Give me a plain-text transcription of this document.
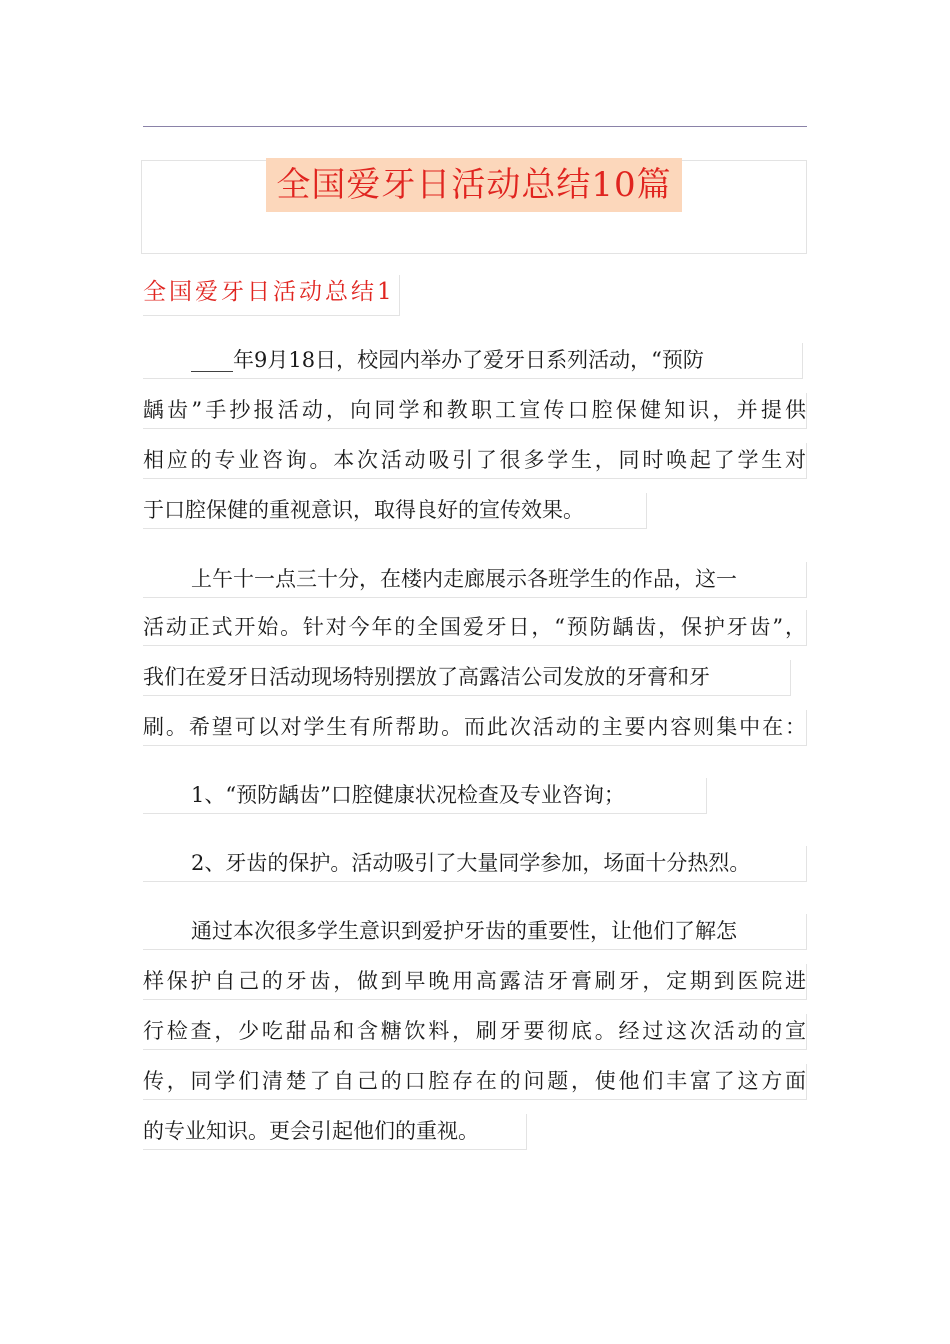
全国爱牙日活动总结10篇
全国爱牙日活动总结1
____年9月18日，校园内举办了爱牙日系列活动，“预防
龋齿”手抄报活动，向同学和教职工宣传口腔保健知识，并提供
相应的专业咨询。本次活动吸引了很多学生，同时唤起了学生对
于口腔保健的重视意识，取得良好的宣传效果。
上午十一点三十分，在楼内走廊展示各班学生的作品，这一
活动正式开始。针对今年的全国爱牙日，“预防龋齿，保护牙齿”，
我们在爱牙日活动现场特别摆放了高露洁公司发放的牙膏和牙
刷。希望可以对学生有所帮助。而此次活动的主要内容则集中在：
1、“预防龋齿”口腔健康状况检查及专业咨询；
2、牙齿的保护。活动吸引了大量同学参加，场面十分热烈。
通过本次很多学生意识到爱护牙齿的重要性，让他们了解怎
样保护自己的牙齿，做到早晚用高露洁牙膏刷牙，定期到医院进
行检查，少吃甜品和含糖饮料，刷牙要彻底。经过这次活动的宣
传，同学们清楚了自己的口腔存在的问题，使他们丰富了这方面
的专业知识。更会引起他们的重视。
